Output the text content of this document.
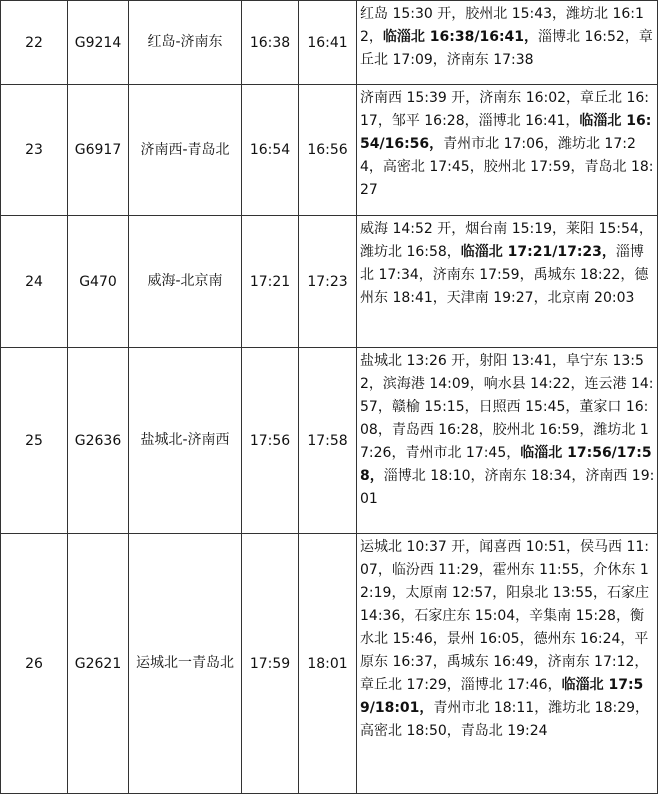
22	G9214	红岛-济南东	16:38	16:41	红岛 15:30 开，胶州北 15:43，潍坊北 16:12，临淄北 16:38/16:41，淄博北 16:52，章丘北 17:09，济南东 17:38
23	G6917	济南西-青岛北	16:54	16:56	济南西 15:39 开，济南东 16:02，章丘北 16:17，邹平 16:28，淄博北 16:41，临淄北 16:54/16:56，青州市北 17:06，潍坊北 17:24，高密北 17:45，胶州北 17:59，青岛北 18:27
24	G470	威海-北京南	17:21	17:23	威海 14:52 开，烟台南 15:19，莱阳 15:54，潍坊北 16:58，临淄北 17:21/17:23，淄博北 17:34，济南东 17:59，禹城东 18:22，德州东 18:41，天津南 19:27，北京南 20:03
25	G2636	盐城北-济南西	17:56	17:58	盐城北 13:26 开，射阳 13:41，阜宁东 13:52，滨海港 14:09，响水县 14:22，连云港 14:57，赣榆 15:15，日照西 15:45，董家口 16:08，青岛西 16:28，胶州北 16:59，潍坊北 17:26，青州市北 17:45，临淄北 17:56/17:58，淄博北 18:10，济南东 18:34，济南西 19:01
26	G2621	运城北一青岛北	17:59	18:01	运城北 10:37 开，闻喜西 10:51，侯马西 11:07，临汾西 11:29，霍州东 11:55，介休东 12:19，太原南 12:57，阳泉北 13:55，石家庄 14:36，石家庄东 15:04，辛集南 15:28，衡水北 15:46，景州 16:05，德州东 16:24，平原东 16:37，禹城东 16:49，济南东 17:12，章丘北 17:29，淄博北 17:46，临淄北 17:59/18:01，青州市北 18:11，潍坊北 18:29，高密北 18:50，青岛北 19:24
